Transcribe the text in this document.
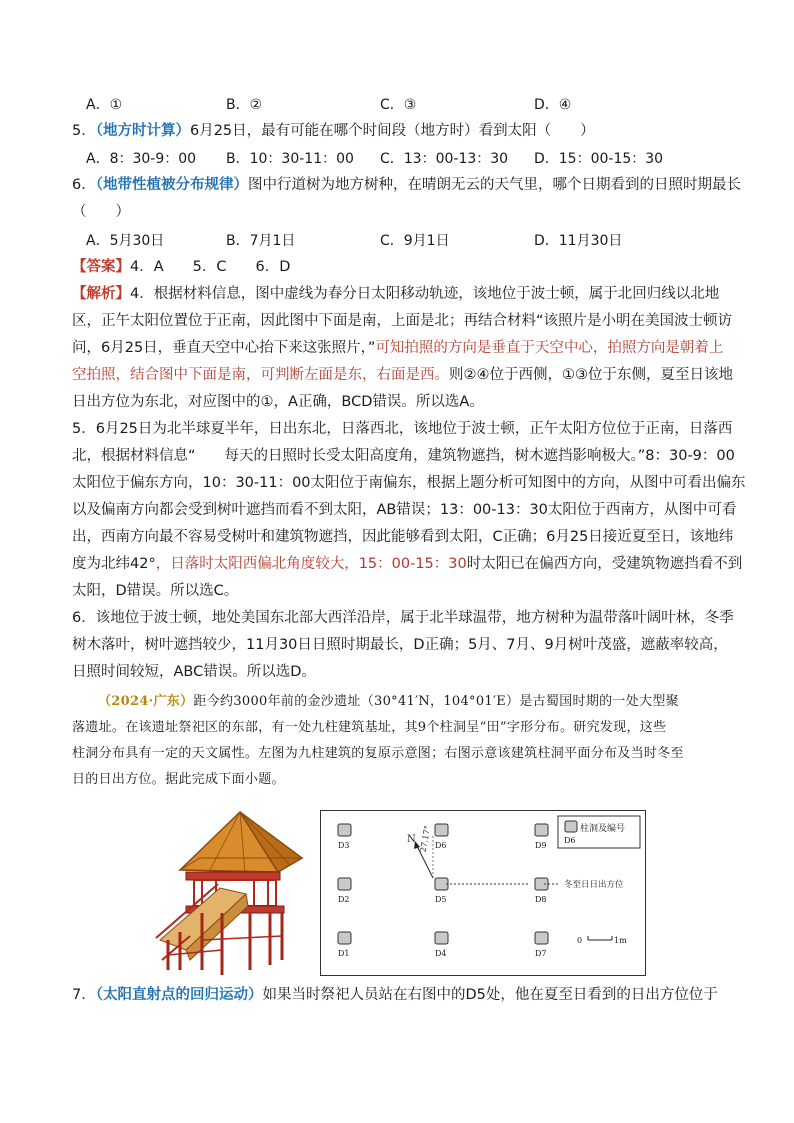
A．①	B．②	C．③	D．④
5．（地方时计算）6月25日，最有可能在哪个时间段（地方时）看到太阳（　　）
A．8：30-9：00 B．10：30-11：00 C．13：00-13：30 D．15：00-15：30
6．（地带性植被分布规律）图中行道树为地方树种，在晴朗无云的天气里，哪个日期看到的日照时期最长
（　　）
A．5月30日	B．7月1日	C．9月1日	D．11月30日
【答案】4．A　　5．C　　6．D
【解析】4．根据材料信息，图中虚线为春分日太阳移动轨迹，该地位于波士顿，属于北回归线以北地
区，正午太阳位置位于正南，因此图中下面是南，上面是北；再结合材料“该照片是小明在美国波士顿访
问，6月25日，垂直天空中心抬下来这张照片，”可知拍照的方向是垂直于天空中心，拍照方向是朝着上
空拍照，结合图中下面是南，可判断左面是东，右面是西。则②④位于西侧，①③位于东侧，夏至日该地
日出方位为东北，对应图中的①，A正确，BCD错误。所以选A。
5．6月25日为北半球夏半年，日出东北，日落西北，该地位于波士顿，正午太阳方位位于正南，日落西
北，根据材料信息“　　每天的日照时长受太阳高度角，建筑物遮挡，树木遮挡影响极大。”8：30-9：00
太阳位于偏东方向，10：30-11：00太阳位于南偏东，根据上题分析可知图中的方向，从图中可看出偏东
以及偏南方向都会受到树叶遮挡而看不到太阳，AB错误；13：00-13：30太阳位于西南方，从图中可看
出，西南方向最不容易受树叶和建筑物遮挡，因此能够看到太阳，C正确；6月25日接近夏至日，该地纬
度为北纬42°，日落时太阳西偏北角度较大，15：00-15：30时太阳已在偏西方向，受建筑物遮挡看不到
太阳，D错误。所以选C。
6．该地位于波士顿，地处美国东北部大西洋沿岸，属于北半球温带，地方树种为温带落叶阔叶林，冬季
树木落叶，树叶遮挡较少，11月30日日照时期最长，D正确；5月、7月、9月树叶茂盛，遮蔽率较高，
日照时间较短，ABC错误。所以选D。
（2024·广东）距今约3000年前的金沙遗址（30°41′N，104°01′E）是古蜀国时期的一处大型聚
落遗址。在该遗址祭祀区的东部，有一处九柱建筑基址，其9个柱洞呈“田”字形分布。研究发现，这些
柱洞分布具有一定的天文属性。左图为九柱建筑的复原示意图；右图示意该建筑柱洞平面分布及当时冬至
日的日出方位。据此完成下面小题。
D3	D6	D9
D2	D5	D8
D1	D4	D7
N 27.17°
冬至日日出方位
柱洞及编号
D6
0	1m
7．（太阳直射点的回归运动）如果当时祭祀人员站在右图中的D5处，他在夏至日看到的日出方位位于
